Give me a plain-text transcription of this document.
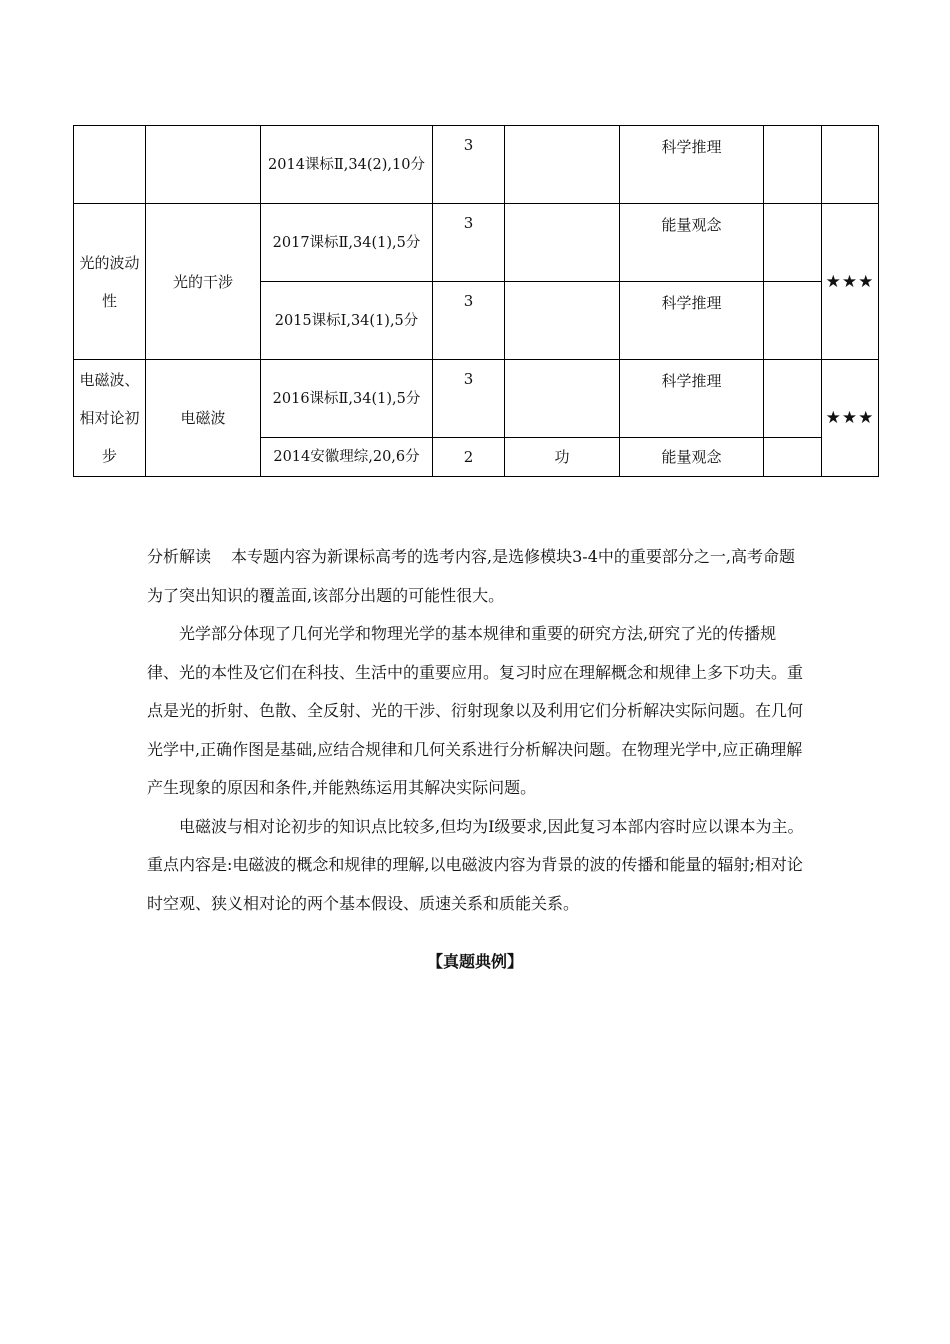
		2014课标Ⅱ,34(2),10分	3		科学推理		
光的波动性	光的干涉	2017课标Ⅱ,34(1),5分	3		能量观念		★★★
		2015课标Ⅰ,34(1),5分	3		科学推理		
电磁波、相对论初步	电磁波	2016课标Ⅱ,34(1),5分	3		科学推理		★★★
		2014安徽理综,20,6分	2	功	能量观念		

分析解读 本专题内容为新课标高考的选考内容,是选修模块3-4中的重要部分之一,高考命题为了突出知识的覆盖面,该部分出题的可能性很大。

光学部分体现了几何光学和物理光学的基本规律和重要的研究方法,研究了光的传播规律、光的本性及它们在科技、生活中的重要应用。复习时应在理解概念和规律上多下功夫。重点是光的折射、色散、全反射、光的干涉、衍射现象以及利用它们分析解决实际问题。在几何光学中,正确作图是基础,应结合规律和几何关系进行分析解决问题。在物理光学中,应正确理解产生现象的原因和条件,并能熟练运用其解决实际问题。

电磁波与相对论初步的知识点比较多,但均为Ⅰ级要求,因此复习本部内容时应以课本为主。重点内容是:电磁波的概念和规律的理解,以电磁波内容为背景的波的传播和能量的辐射;相对论时空观、狭义相对论的两个基本假设、质速关系和质能关系。

【真题典例】
